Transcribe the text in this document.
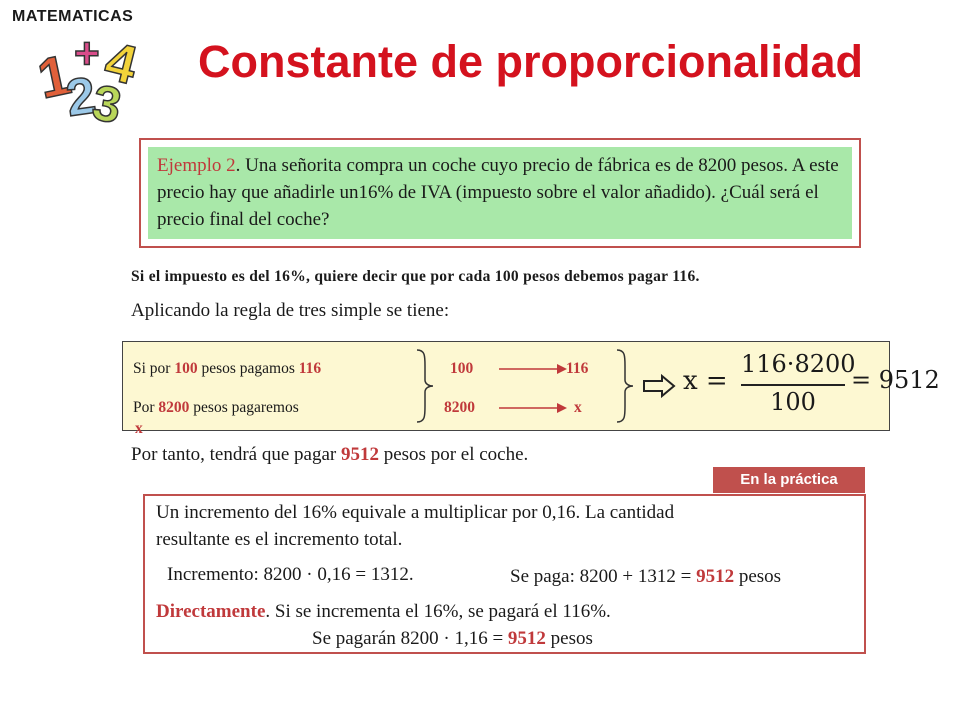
1
2
3
4
+
MATEMATICAS
Constante de proporcionalidad
Ejemplo 2. Una señorita compra un coche cuyo precio de fábrica es de 8200 pesos. A este precio hay que añadirle un16% de IVA (impuesto sobre el valor añadido). ¿Cuál será el precio final del coche?
Si el impuesto es del 16%, quiere decir que por cada 100 pesos debemos pagar 116.
Aplicando la regla de tres simple se tiene:
Si por 100 pesos pagamos 116
Por 8200 pesos pagaremos
x
100
8200
116
x
x =
116·8200
100
= 9512
Por tanto, tendrá que pagar 9512 pesos por el coche.
En la práctica
Un incremento del 16% equivale a multiplicar por 0,16. La cantidad
resultante es el incremento total.
Incremento: 8200 · 0,16 = 1312.	Se paga: 8200 + 1312 = 9512 pesos
Directamente. Si se incrementa el 16%, se pagará el 116%.
Se pagarán 8200 · 1,16 = 9512 pesos
